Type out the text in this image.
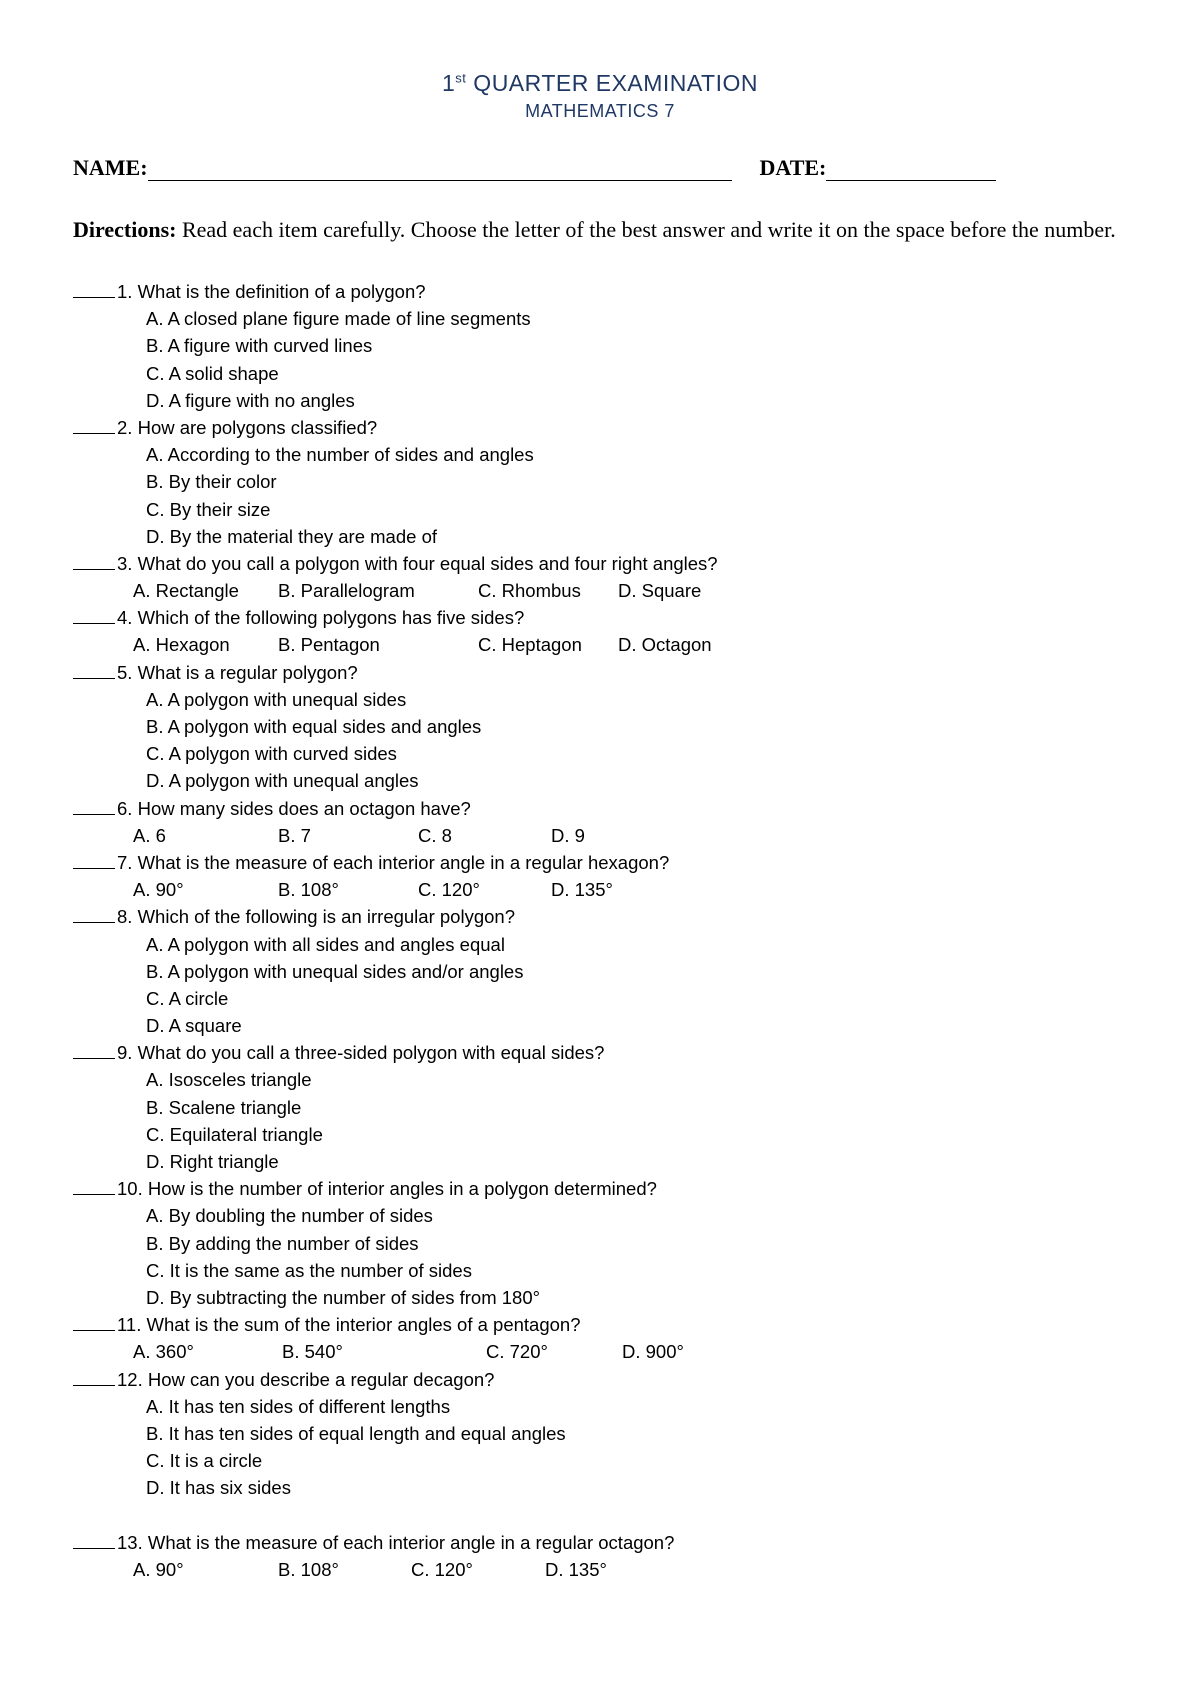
1st QUARTER EXAMINATION
MATHEMATICS 7
NAME:	DATE:
Directions: Read each item carefully. Choose the letter of the best answer and write it on the space before the number.
1. What is the definition of a polygon?
A. A closed plane figure made of line segments
B. A figure with curved lines
C. A solid shape
D. A figure with no angles
2. How are polygons classified?
A. According to the number of sides and angles
B. By their color
C. By their size
D. By the material they are made of
3. What do you call a polygon with four equal sides and four right angles?
A. Rectangle B. Parallelogram	C. Rhombus D. Square
4. Which of the following polygons has five sides?
A. Hexagon	B. Pentagon	C. Heptagon D. Octagon
5. What is a regular polygon?
A. A polygon with unequal sides
B. A polygon with equal sides and angles
C. A polygon with curved sides
D. A polygon with unequal angles
6. How many sides does an octagon have?
A. 6	B. 7	C. 8	D. 9
7. What is the measure of each interior angle in a regular hexagon?
A. 90°	B. 108°	C. 120°	D. 135°
8. Which of the following is an irregular polygon?
A. A polygon with all sides and angles equal
B. A polygon with unequal sides and/or angles
C. A circle
D. A square
9. What do you call a three-sided polygon with equal sides?
A. Isosceles triangle
B. Scalene triangle
C. Equilateral triangle
D. Right triangle
10. How is the number of interior angles in a polygon determined?
A. By doubling the number of sides
B. By adding the number of sides
C. It is the same as the number of sides
D. By subtracting the number of sides from 180°
11. What is the sum of the interior angles of a pentagon?
A. 360°	B. 540°	C. 720°	D. 900°
12. How can you describe a regular decagon?
A. It has ten sides of different lengths
B. It has ten sides of equal length and equal angles
C. It is a circle
D. It has six sides
13. What is the measure of each interior angle in a regular octagon?
A. 90°	B. 108°	C. 120°	D. 135°
